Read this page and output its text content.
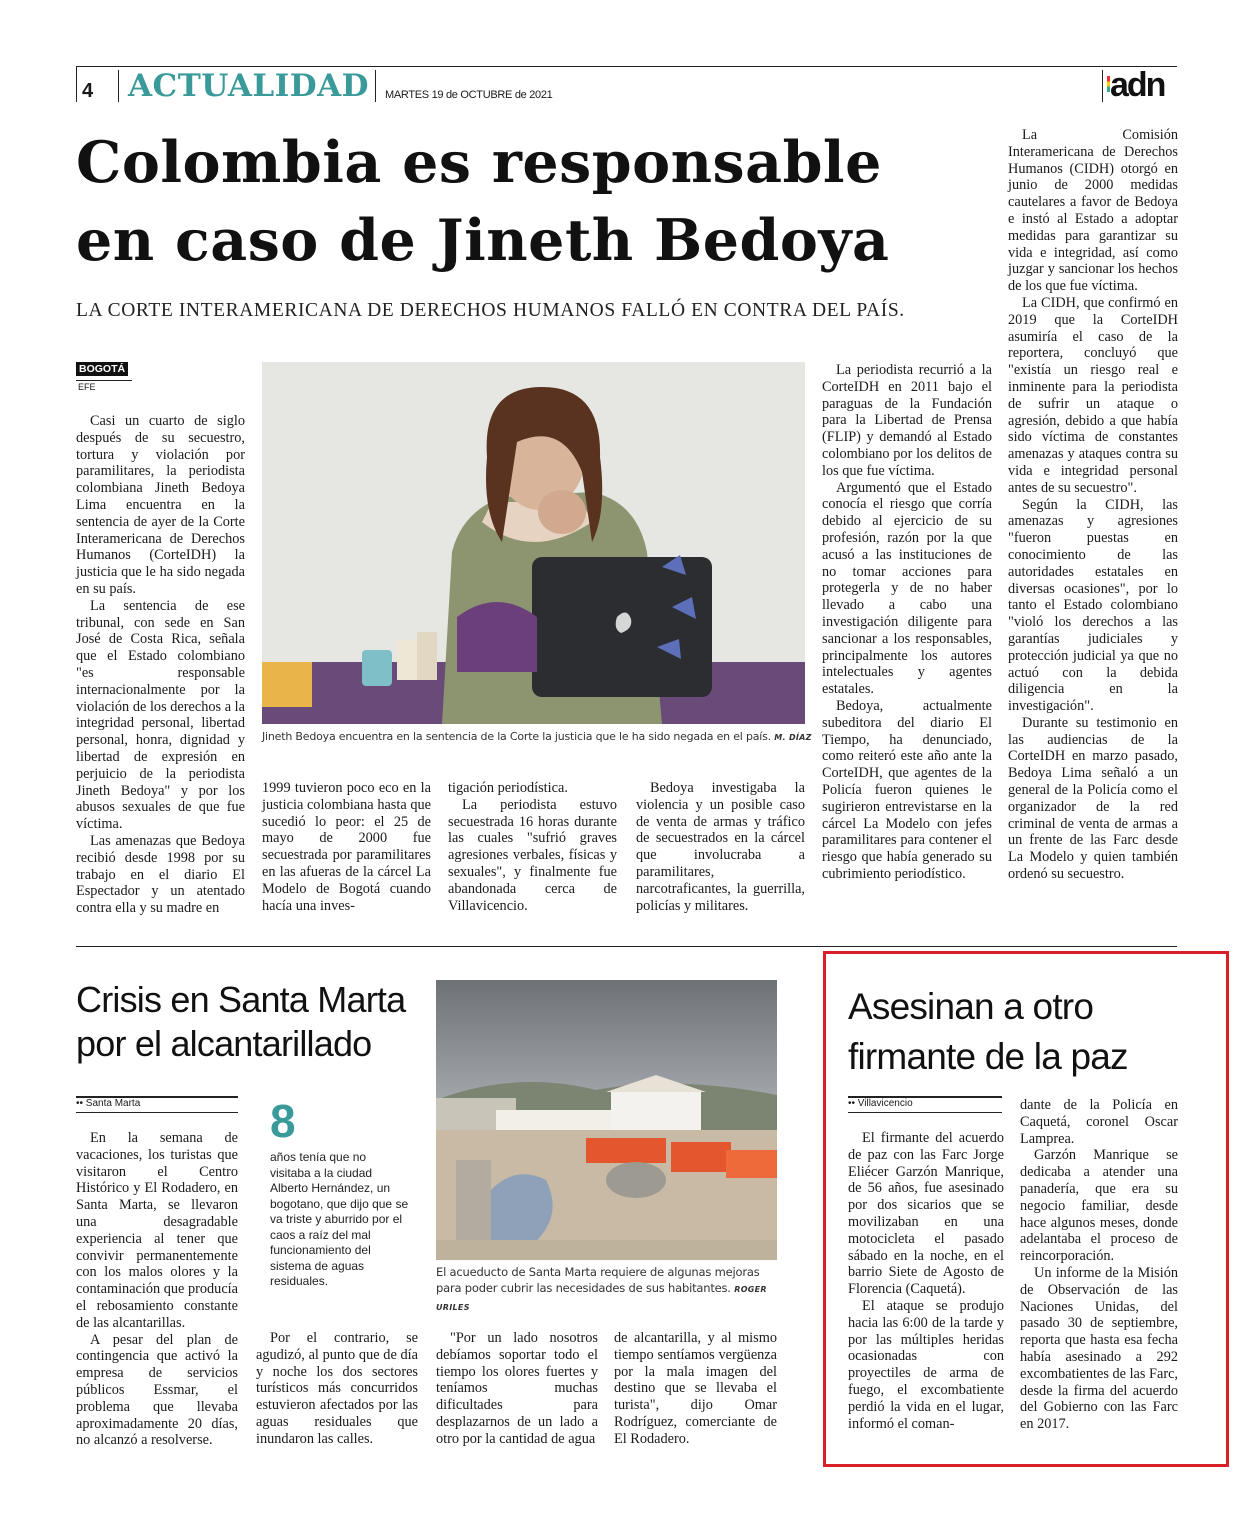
4 ACTUALIDAD MARTES 19 de OCTUBRE de 2021	adn
Colombia es responsable
en caso de Jineth Bedoya
LA CORTE INTERAMERICANA DE DERECHOS HUMANOS FALLÓ EN CONTRA DEL PAÍS.
BOGOTÁ
EFE

Casi un cuarto de siglo después de su secuestro, tortura y violación por paramilitares, la periodista colombiana Jineth Bedoya Lima encuentra en la sentencia de ayer de la Corte Interamericana de Derechos Humanos (CorteIDH) la justicia que le ha sido negada en su país.

La sentencia de ese tribunal, con sede en San José de Costa Rica, señala que el Estado colombiano "es responsable internacionalmente por la violación de los derechos a la integridad personal, libertad personal, honra, dignidad y libertad de expresión en perjuicio de la periodista Jineth Bedoya" y por los abusos sexuales de que fue víctima.

Las amenazas que Bedoya recibió desde 1998 por su trabajo en el diario El Espectador y un atentado contra ella y su madre en

Jineth Bedoya encuentra en la sentencia de la Corte la justicia que le ha sido negada en el país. M. DÍAZ

1999 tuvieron poco eco en la justicia colombiana hasta que sucedió lo peor: el 25 de mayo de 2000 fue secuestrada por paramilitares en las afueras de la cárcel La Modelo de Bogotá cuando hacía una inves-

tigación periodística.

La periodista estuvo secuestrada 16 horas durante las cuales "sufrió graves agresiones verbales, físicas y sexuales", y finalmente fue abandonada cerca de Villavicencio.

Bedoya investigaba la violencia y un posible caso de venta de armas y tráfico de secuestrados en la cárcel que involucraba a paramilitares, narcotraficantes, la guerrilla, policías y militares.

La periodista recurrió a la CorteIDH en 2011 bajo el paraguas de la Fundación para la Libertad de Prensa (FLIP) y demandó al Estado colombiano por los delitos de los que fue víctima.

Argumentó que el Estado conocía el riesgo que corría debido al ejercicio de su profesión, razón por la que acusó a las instituciones de no tomar acciones para protegerla y de no haber llevado a cabo una investigación diligente para sancionar a los responsables, principalmente los autores intelectuales y agentes estatales.

Bedoya, actualmente subeditora del diario El Tiempo, ha denunciado, como reiteró este año ante la CorteIDH, que agentes de la Policía fueron quienes le sugirieron entrevistarse en la cárcel La Modelo con jefes paramilitares para contener el riesgo que había generado su cubrimiento periodístico.

La Comisión Interamericana de Derechos Humanos (CIDH) otorgó en junio de 2000 medidas cautelares a favor de Bedoya e instó al Estado a adoptar medidas para garantizar su vida e integridad, así como juzgar y sancionar los hechos de los que fue víctima.

La CIDH, que confirmó en 2019 que la CorteIDH asumiría el caso de la reportera, concluyó que "existía un riesgo real e inminente para la periodista de sufrir un ataque o agresión, debido a que había sido víctima de constantes amenazas y ataques contra su vida e integridad personal antes de su secuestro".

Según la CIDH, las amenazas y agresiones "fueron puestas en conocimiento de las autoridades estatales en diversas ocasiones", por lo tanto el Estado colombiano "violó los derechos a las garantías judiciales y protección judicial ya que no actuó con la debida diligencia en la investigación".

Durante su testimonio en las audiencias de la CorteIDH en marzo pasado, Bedoya Lima señaló a un general de la Policía como el organizador de la red criminal de venta de armas a un frente de las Farc desde La Modelo y quien también ordenó su secuestro.

Crisis en Santa Marta
por el alcantarillado
•• Santa Marta

En la semana de vacaciones, los turistas que visitaron el Centro Histórico y El Rodadero, en Santa Marta, se llevaron una desagradable experiencia al tener que convivir permanentemente con los malos olores y la contaminación que producía el rebosamiento constante de las alcantarillas.

A pesar del plan de contingencia que activó la empresa de servicios públicos Essmar, el problema que llevaba aproximadamente 20 días, no alcanzó a resolverse.

8
años tenía que no visitaba a la ciudad Alberto Hernández, un bogotano, que dijo que se va triste y aburrido por el caos a raíz del mal funcionamiento del sistema de aguas residuales.
El acueducto de Santa Marta requiere de algunas mejoras para poder cubrir las necesidades de sus habitantes. ROGER URILES

Por el contrario, se agudizó, al punto que de día y noche los dos sectores turísticos más concurridos estuvieron afectados por las aguas residuales que inundaron las calles.

"Por un lado nosotros debíamos soportar todo el tiempo los olores fuertes y teníamos muchas dificultades para desplazarnos de un lado a otro por la cantidad de agua

de alcantarilla, y al mismo tiempo sentíamos vergüenza por la mala imagen del destino que se llevaba el turista", dijo Omar Rodríguez, comerciante de El Rodadero.

Asesinan a otro
firmante de la paz
•• Villavicencio

El firmante del acuerdo de paz con las Farc Jorge Eliécer Garzón Manrique, de 56 años, fue asesinado por dos sicarios que se movilizaban en una motocicleta el pasado sábado en la noche, en el barrio Siete de Agosto de Florencia (Caquetá).

El ataque se produjo hacia las 6:00 de la tarde y por las múltiples heridas ocasionadas con proyectiles de arma de fuego, el excombatiente perdió la vida en el lugar, informó el coman-

dante de la Policía en Caquetá, coronel Oscar Lamprea.

Garzón Manrique se dedicaba a atender una panadería, que era su negocio familiar, desde hace algunos meses, donde adelantaba el proceso de reincorporación.

Un informe de la Misión de Observación de las Naciones Unidas, del pasado 30 de septiembre, reporta que hasta esa fecha había asesinado a 292 excombatientes de las Farc, desde la firma del acuerdo del Gobierno con las Farc en 2017.
